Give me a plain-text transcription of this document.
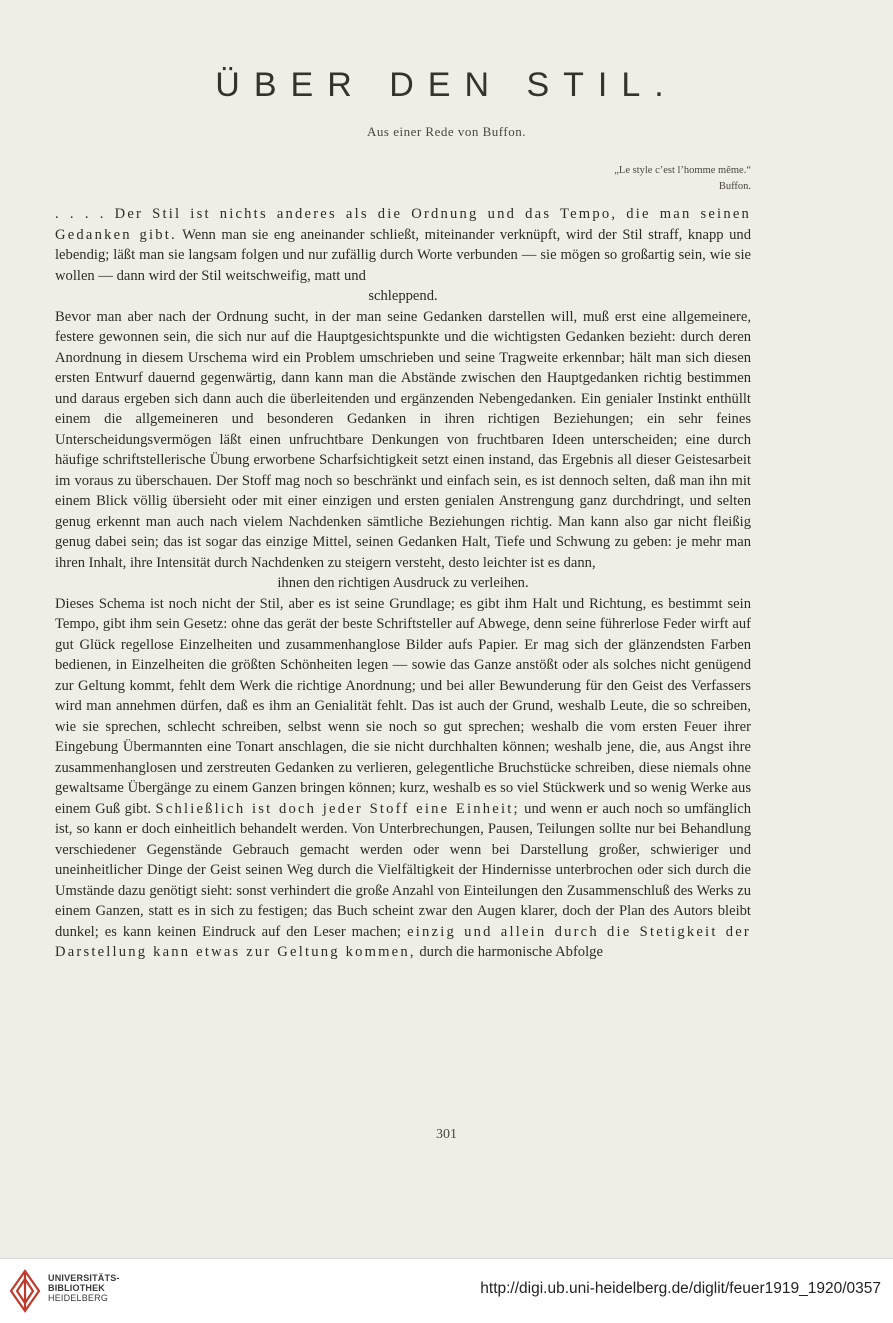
ÜBER DEN STIL.
Aus einer Rede von Buffon.
„Le style c’est l’homme même.“
Buffon.

. . . . Der Stil ist nichts anderes als die Ordnung und das Tempo, die man seinen Gedanken gibt. Wenn man sie eng aneinander schließt, miteinander verknüpft, wird der Stil straff, knapp und lebendig; läßt man sie langsam folgen und nur zufällig durch Worte verbunden — sie mögen so großartig sein, wie sie wollen — dann wird der Stil weitschweifig, matt und
schleppend.

Bevor man aber nach der Ordnung sucht, in der man seine Gedanken darstellen will, muß erst eine allgemeinere, festere gewonnen sein, die sich nur auf die Hauptgesichtspunkte und die wichtigsten Gedanken bezieht: durch deren Anordnung in diesem Urschema wird ein Problem umschrieben und seine Tragweite erkennbar; hält man sich diesen ersten Entwurf dauernd gegenwärtig, dann kann man die Abstände zwischen den Hauptgedanken richtig bestimmen und daraus ergeben sich dann auch die überleitenden und ergänzenden Nebengedanken. Ein genialer Instinkt enthüllt einem die allgemeineren und besonderen Gedanken in ihren richtigen Beziehungen; ein sehr feines Unterscheidungsvermögen läßt einen unfruchtbare Denkungen von fruchtbaren Ideen unterscheiden; eine durch häufige schriftstellerische Übung erworbene Scharfsichtigkeit setzt einen instand, das Ergebnis all dieser Geistesarbeit im voraus zu überschauen. Der Stoff mag noch so beschränkt und einfach sein, es ist dennoch selten, daß man ihn mit einem Blick völlig übersieht oder mit einer einzigen und ersten genialen Anstrengung ganz durchdringt, und selten genug erkennt man auch nach vielem Nachdenken sämtliche Beziehungen richtig. Man kann also gar nicht fleißig genug dabei sein; das ist sogar das einzige Mittel, seinen Gedanken Halt, Tiefe und Schwung zu geben: je mehr man ihren Inhalt, ihre Intensität durch Nachdenken zu steigern versteht, desto leichter ist es dann,
ihnen den richtigen Ausdruck zu verleihen.

Dieses Schema ist noch nicht der Stil, aber es ist seine Grundlage; es gibt ihm Halt und Richtung, es bestimmt sein Tempo, gibt ihm sein Gesetz: ohne das gerät der beste Schriftsteller auf Abwege, denn seine führerlose Feder wirft auf gut Glück regellose Einzelheiten und zusammenhanglose Bilder aufs Papier. Er mag sich der glänzendsten Farben bedienen, in Einzelheiten die größten Schönheiten legen — sowie das Ganze anstößt oder als solches nicht genügend zur Geltung kommt, fehlt dem Werk die richtige Anordnung; und bei aller Bewunderung für den Geist des Verfassers wird man annehmen dürfen, daß es ihm an Genialität fehlt. Das ist auch der Grund, weshalb Leute, die so schreiben, wie sie sprechen, schlecht schreiben, selbst wenn sie noch so gut sprechen; weshalb die vom ersten Feuer ihrer Eingebung Übermannten eine Tonart anschlagen, die sie nicht durchhalten können; weshalb jene, die, aus Angst ihre zusammenhanglosen und zerstreuten Gedanken zu verlieren, gelegentliche Bruchstücke schreiben, diese niemals ohne gewaltsame Übergänge zu einem Ganzen bringen können; kurz, weshalb es so viel Stückwerk und so wenig Werke aus einem Guß gibt. Schließlich ist doch jeder Stoff eine Einheit; und wenn er auch noch so umfänglich ist, so kann er doch einheitlich behandelt werden. Von Unterbrechungen, Pausen, Teilungen sollte nur bei Behandlung verschiedener Gegenstände Gebrauch gemacht werden oder wenn bei Darstellung großer, schwieriger und uneinheitlicher Dinge der Geist seinen Weg durch die Vielfältigkeit der Hindernisse unterbrochen oder sich durch die Umstände dazu genötigt sieht: sonst verhindert die große Anzahl von Einteilungen den Zusammenschluß des Werks zu einem Ganzen, statt es in sich zu festigen; das Buch scheint zwar den Augen klarer, doch der Plan des Autors bleibt dunkel; es kann keinen Eindruck auf den Leser machen; einzig und allein durch die Stetigkeit der Darstellung kann etwas zur Geltung kommen, durch die harmonische Abfolge

301
UNIVERSITÄTS-
BIBLIOTHEK
HEIDELBERG
http://digi.ub.uni-heidelberg.de/diglit/feuer1919_1920/0357
